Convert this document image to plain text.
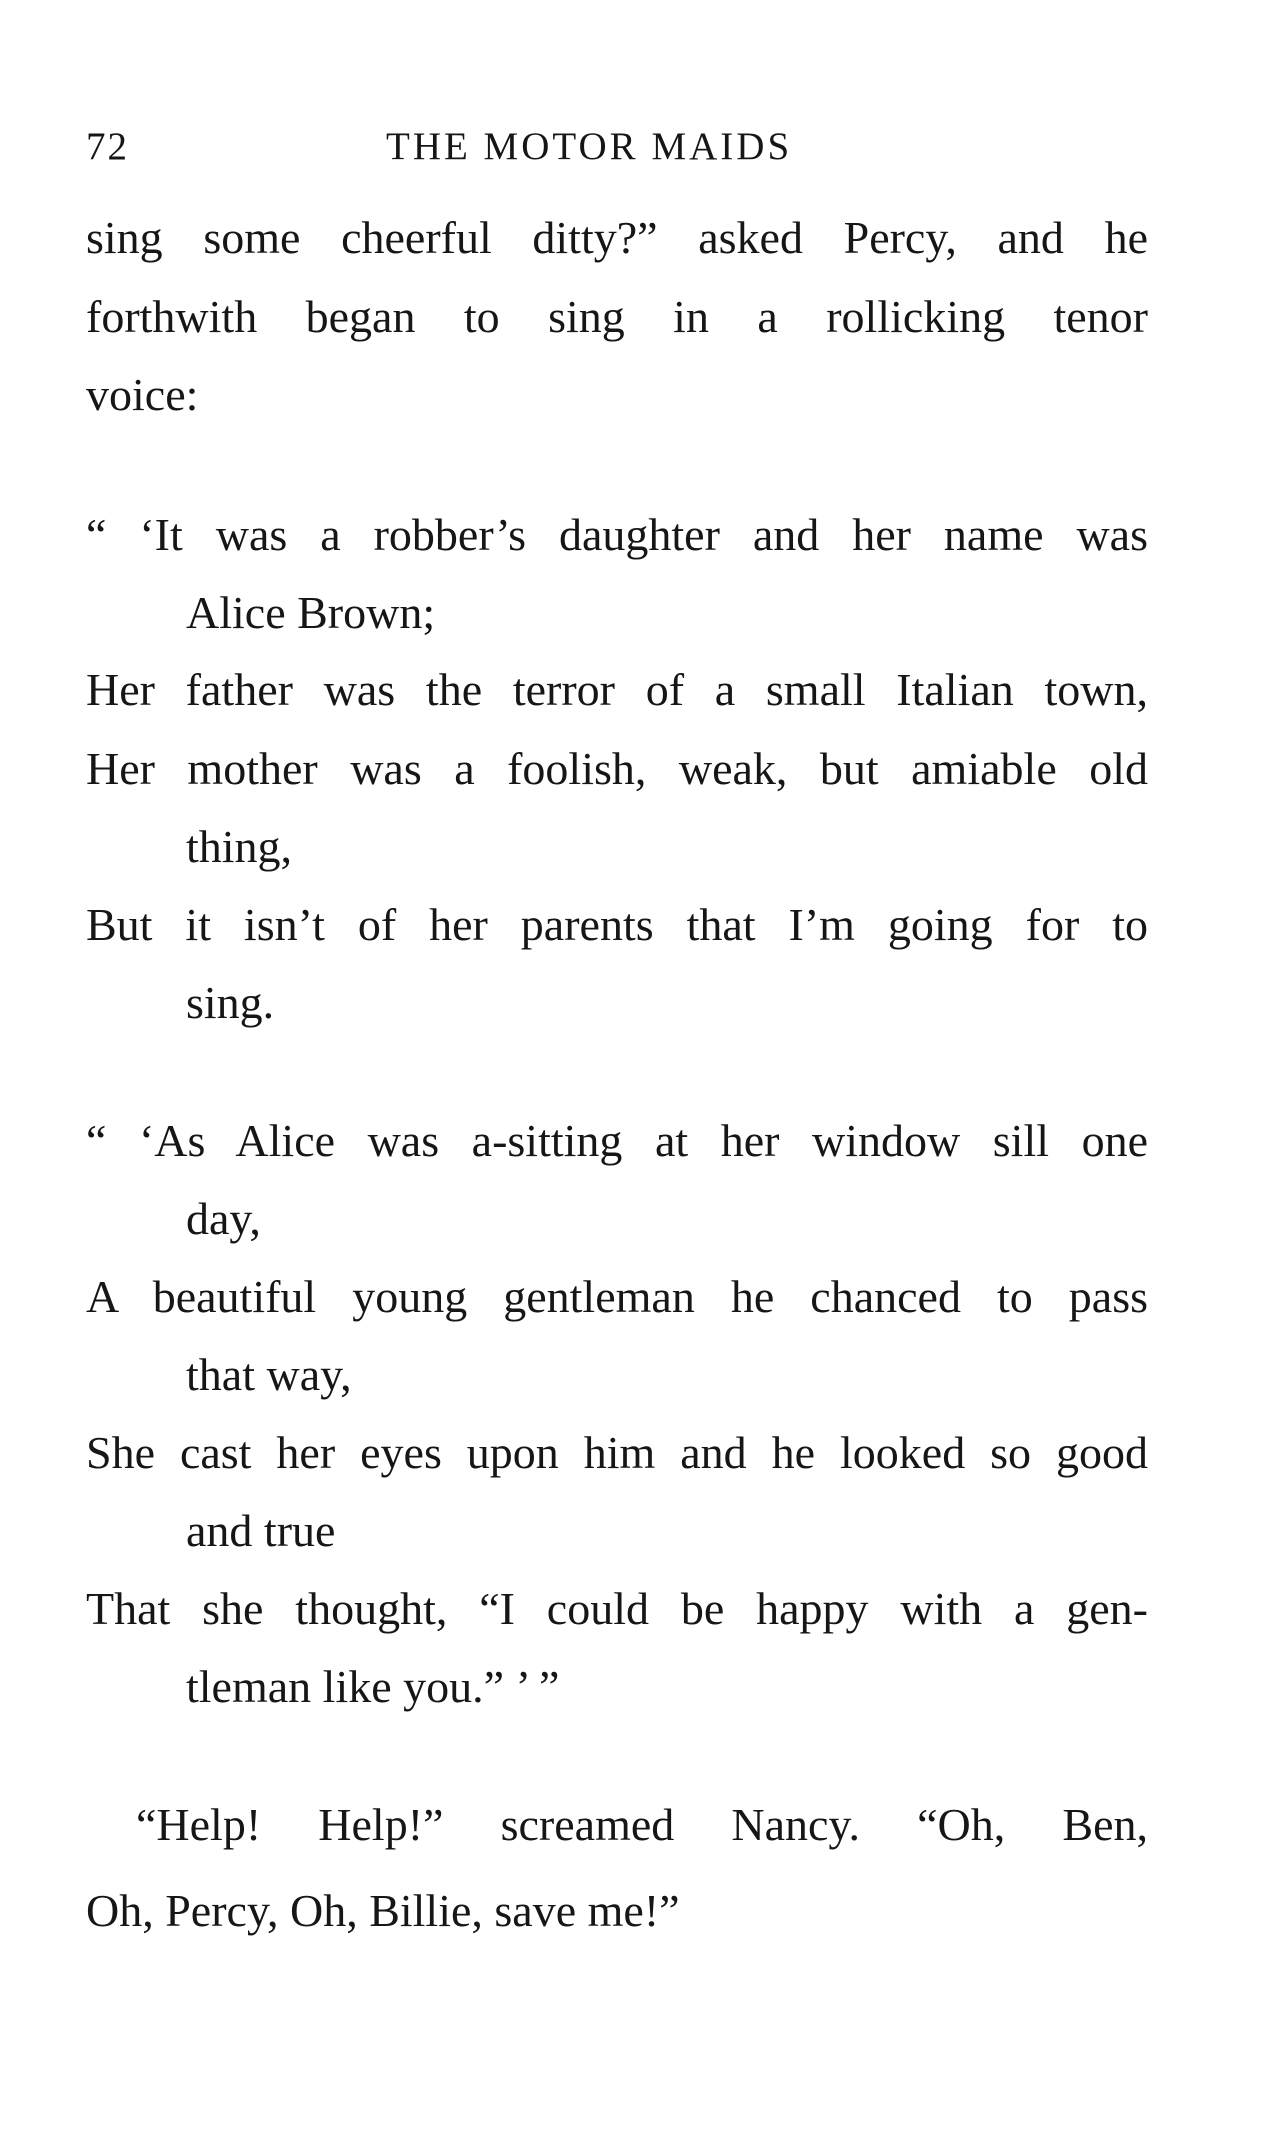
72	THE MOTOR MAIDS
sing some cheerful ditty?” asked Percy, and he
forthwith began to sing in a rollicking tenor
voice:
“ ‘It was a robber’s daughter and her name was
Alice Brown;
Her father was the terror of a small Italian town,
Her mother was a foolish, weak, but amiable old
thing,
But it isn’t of her parents that I’m going for to
sing.
“ ‘As Alice was a-sitting at her window sill one
day,
A beautiful young gentleman he chanced to pass
that way,
She cast her eyes upon him and he looked so good
and true
That she thought, “I could be happy with a gen-
tleman like you.” ’ ”
“Help! Help!” screamed Nancy. “Oh, Ben,
Oh, Percy, Oh, Billie, save me!”
